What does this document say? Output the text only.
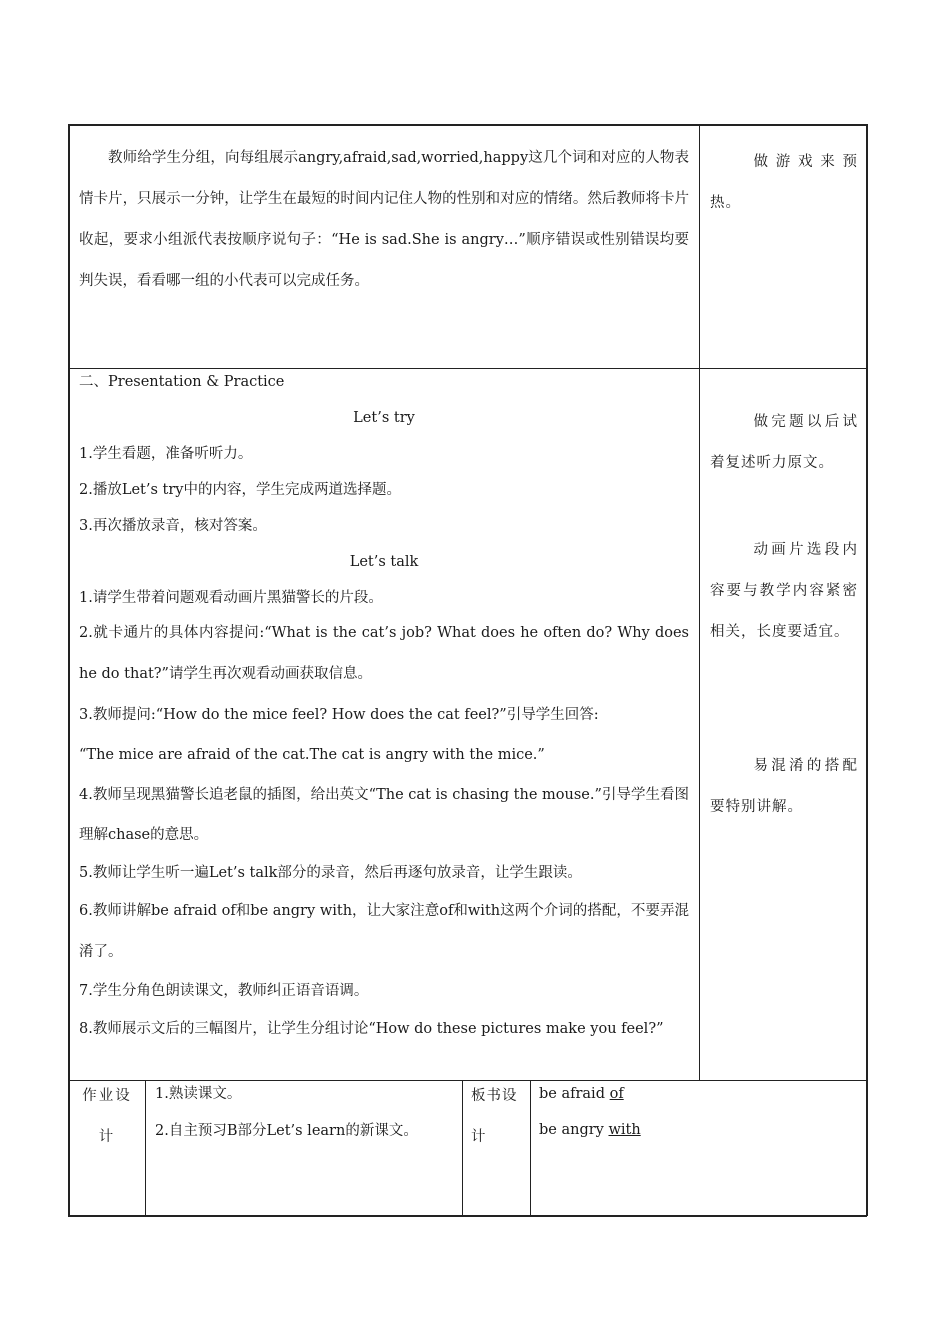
教师给学生分组，向每组展示angry,afraid,sad,worried,happy这几个词和对应的人物表情卡片，只展示一分钟，让学生在最短的时间内记住人物的性别和对应的情绪。然后教师将卡片收起，要求小组派代表按顺序说句子：“He is sad.She is angry…”顺序错误或性别错误均要判失误，看看哪一组的小代表可以完成任务。

做游戏来预热。

二、Presentation & Practice

Let’s try

1.学生看题，准备听听力。

2.播放Let’s try中的内容，学生完成两道选择题。

3.再次播放录音，核对答案。

Let’s talk

1.请学生带着问题观看动画片黑猫警长的片段。

2.就卡通片的具体内容提问:“What is the cat’s job? What does he often do? Why does he do that?”请学生再次观看动画获取信息。

3.教师提问:“How do the mice feel? How does the cat feel?”引导学生回答:

“The mice are afraid of the cat.The cat is angry with the mice.”

4.教师呈现黑猫警长追老鼠的插图，给出英文“The cat is chasing the mouse.”引导学生看图理解chase的意思。

5.教师让学生听一遍Let’s talk部分的录音，然后再逐句放录音，让学生跟读。

6.教师讲解be afraid of和be angry with，让大家注意of和with这两个介词的搭配，不要弄混淆了。

7.学生分角色朗读课文，教师纠正语音语调。

8.教师展示文后的三幅图片，让学生分组讨论“How do these pictures make you feel?”

做完题以后试着复述听力原文。

动画片选段内容要与教学内容紧密相关，长度要适宜。

易混淆的搭配要特别讲解。

作业设计

1.熟读课文。

2.自主预习B部分Let’s learn的新课文。

板书设计

be afraid of

be angry with
